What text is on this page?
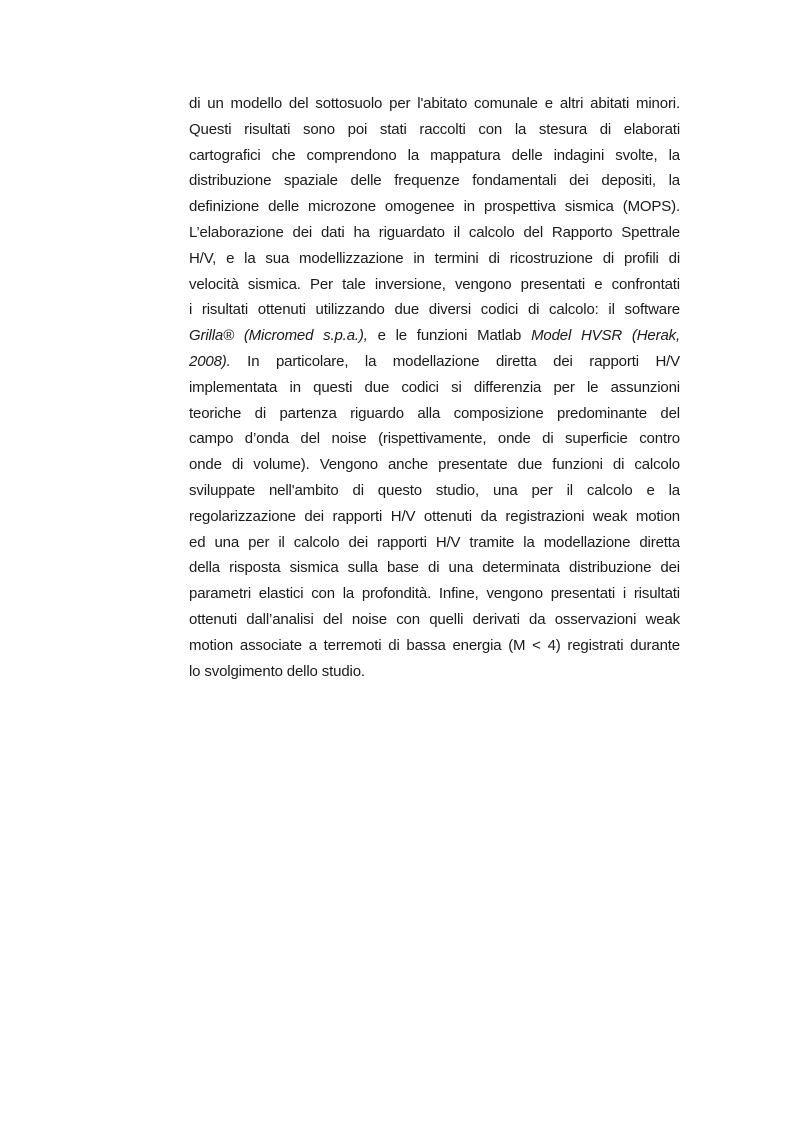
di un modello del sottosuolo per l'abitato comunale e altri abitati minori.
Questi risultati sono poi stati raccolti con la stesura di elaborati
cartografici che comprendono la mappatura delle indagini svolte, la
distribuzione spaziale delle frequenze fondamentali dei depositi, la
definizione delle microzone omogenee in prospettiva sismica (MOPS).
L’elaborazione dei dati ha riguardato il calcolo del Rapporto Spettrale
H/V, e la sua modellizzazione in termini di ricostruzione di profili di
velocità sismica. Per tale inversione, vengono presentati e confrontati
i risultati ottenuti utilizzando due diversi codici di calcolo: il software
Grilla® (Micromed s.p.a.), e le funzioni Matlab Model HVSR (Herak,
2008). In particolare, la modellazione diretta dei rapporti H/V
implementata in questi due codici si differenzia per le assunzioni
teoriche di partenza riguardo alla composizione predominante del
campo d’onda del noise (rispettivamente, onde di superficie contro
onde di volume). Vengono anche presentate due funzioni di calcolo
sviluppate nell'ambito di questo studio, una per il calcolo e la
regolarizzazione dei rapporti H/V ottenuti da registrazioni weak motion
ed una per il calcolo dei rapporti H/V tramite la modellazione diretta
della risposta sismica sulla base di una determinata distribuzione dei
parametri elastici con la profondità. Infine, vengono presentati i risultati
ottenuti dall’analisi del noise con quelli derivati da osservazioni weak
motion associate a terremoti di bassa energia (M < 4) registrati durante
lo svolgimento dello studio.
